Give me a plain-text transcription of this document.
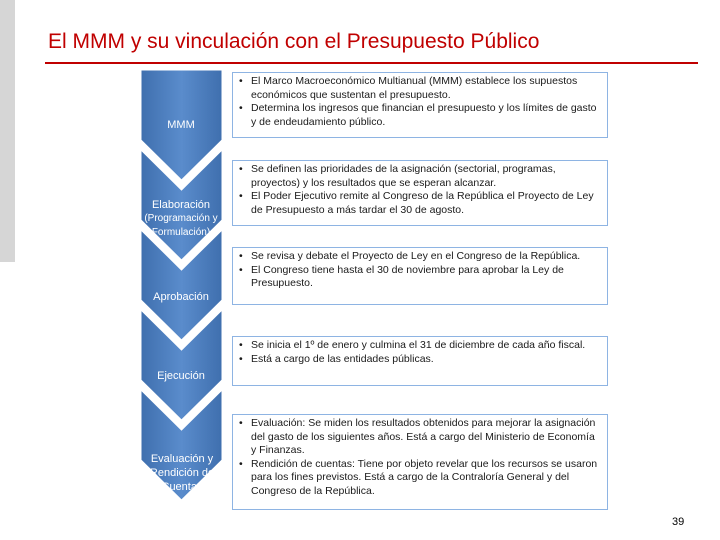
El MMM y su vinculación con el Presupuesto Público
MMM
Elaboración
(Programación y Formulación)
Aprobación
Ejecución
Evaluación y Rendición de Cuentas
• El Marco Macroeconómico Multianual (MMM) establece los supuestos económicos que sustentan el presupuesto.
• Determina los ingresos que financian el presupuesto y los límites de gasto y de endeudamiento público.
• Se definen las prioridades de la asignación (sectorial, programas, proyectos) y los resultados que se esperan alcanzar.
• El Poder Ejecutivo remite al Congreso de la República el Proyecto de Ley de Presupuesto a más tardar el 30 de agosto.
• Se revisa y debate el Proyecto de Ley en el Congreso de la República.
• El Congreso tiene hasta el 30 de noviembre para aprobar la Ley de Presupuesto.
• Se inicia el 1º de enero y culmina el 31 de diciembre de cada año fiscal.
• Está a cargo de las entidades públicas.
• Evaluación: Se miden los resultados obtenidos para mejorar la asignación del gasto de los siguientes años. Está a cargo del Ministerio de Economía y Finanzas.
• Rendición de cuentas: Tiene por objeto revelar que los recursos se usaron para los fines previstos. Está a cargo de la Contraloría General y del Congreso de la República.
39
